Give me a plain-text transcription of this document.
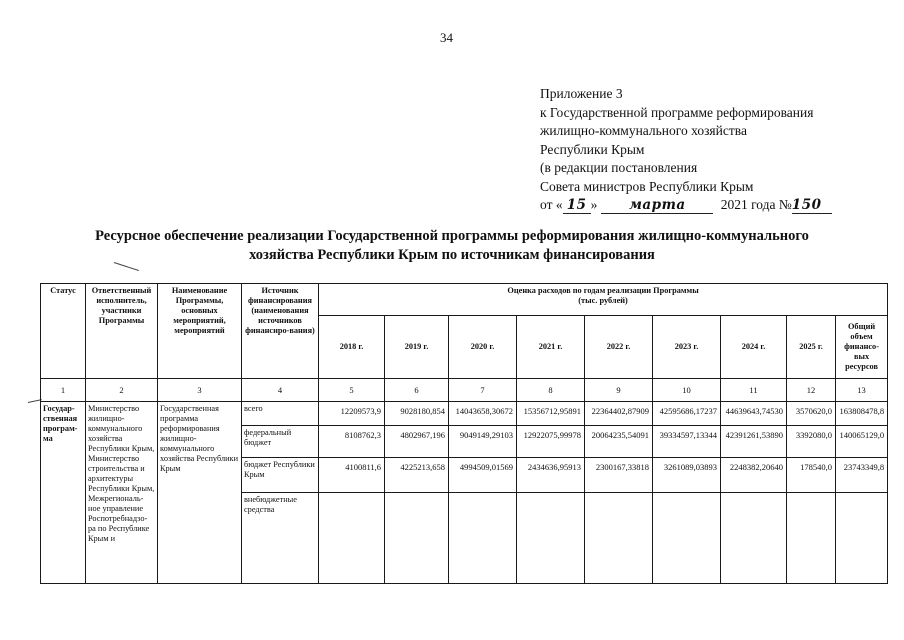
34
Приложение 3
к Государственной программе реформирования
жилищно-коммунального хозяйства
Республики Крым
(в редакции постановления
Совета министров Республики Крым
от « 15 » марта	2021 года №150
Ресурсное обеспечение реализации Государственной программы реформирования жилищно-коммунального
хозяйства Республики Крым по источникам финансирования
Статус	Ответственный исполнитель, участники Программы	Наименование Программы, основных мероприятий, мероприятий	Источник финансирования (наименования источников финансиро-вания)	Оценка расходов по годам реализации Программы
(тыс. рублей)								

				2018 г.	2019 г.	2020 г.	2021 г.	2022 г.	2023 г.	2024 г.	2025 г.	Общий объем финансо-вых ресурсов
1	2	3	4	5	6	7	8	9	10	11	12	13
Государ-ственная програм-ма	Министерство жилищно-коммунального хозяйства Республики Крым, Министерство строительства и архитектуры Республики Крым, Межрегиональ-ное управление Роспотребнадзо-ра по Республике Крым и	Государственная программа реформирования жилищно-коммунального хозяйства Республики Крым	всего	12209573,9	9028180,854	14043658,30672	15356712,95891	22364402,87909	42595686,17237	44639643,74530	3570620,0	163808478,8
			федеральный бюджет	8108762,3	4802967,196	9049149,29103	12922075,99978	20064235,54091	39334597,13344	42391261,53890	3392080,0	140065129,0
			бюджет Республики Крым	4100811,6	4225213,658	4994509,01569	2434636,95913	2300167,33818	3261089,03893	2248382,20640	178540,0	23743349,8
			внебюджетные средства									
